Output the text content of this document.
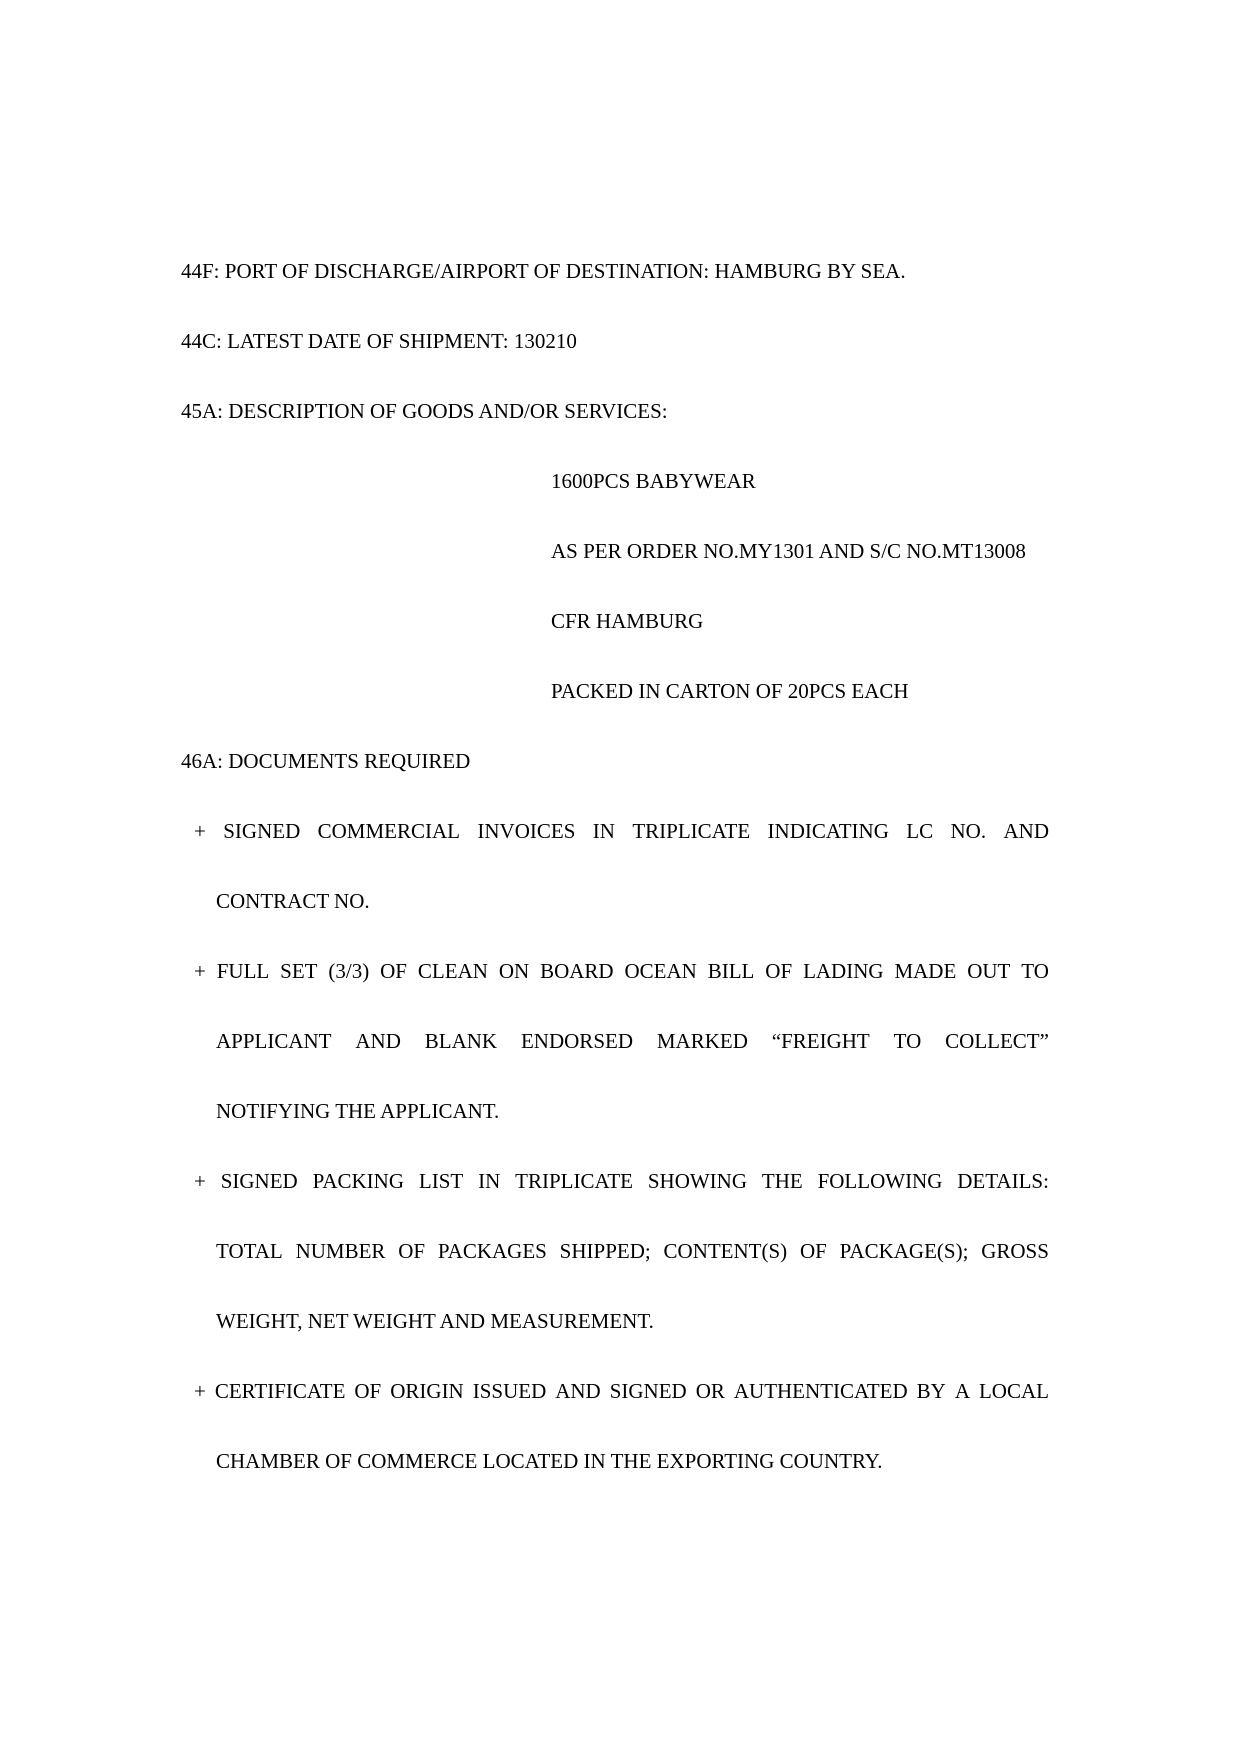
44F: PORT OF DISCHARGE/AIRPORT OF DESTINATION: HAMBURG BY SEA.
44C: LATEST DATE OF SHIPMENT: 130210
45A: DESCRIPTION OF GOODS AND/OR SERVICES:
1600PCS BABYWEAR
AS PER ORDER NO.MY1301 AND S/C NO.MT13008
CFR HAMBURG
PACKED IN CARTON OF 20PCS EACH
46A: DOCUMENTS REQUIRED
+ SIGNED COMMERCIAL INVOICES IN TRIPLICATE INDICATING LC NO. AND
CONTRACT NO.
+ FULL SET (3/3) OF CLEAN ON BOARD OCEAN BILL OF LADING MADE OUT TO
APPLICANT AND BLANK ENDORSED MARKED “FREIGHT TO COLLECT”
NOTIFYING THE APPLICANT.
+ SIGNED PACKING LIST IN TRIPLICATE SHOWING THE FOLLOWING DETAILS:
TOTAL NUMBER OF PACKAGES SHIPPED; CONTENT(S) OF PACKAGE(S); GROSS
WEIGHT, NET WEIGHT AND MEASUREMENT.
+ CERTIFICATE OF ORIGIN ISSUED AND SIGNED OR AUTHENTICATED BY A LOCAL
CHAMBER OF COMMERCE LOCATED IN THE EXPORTING COUNTRY.
